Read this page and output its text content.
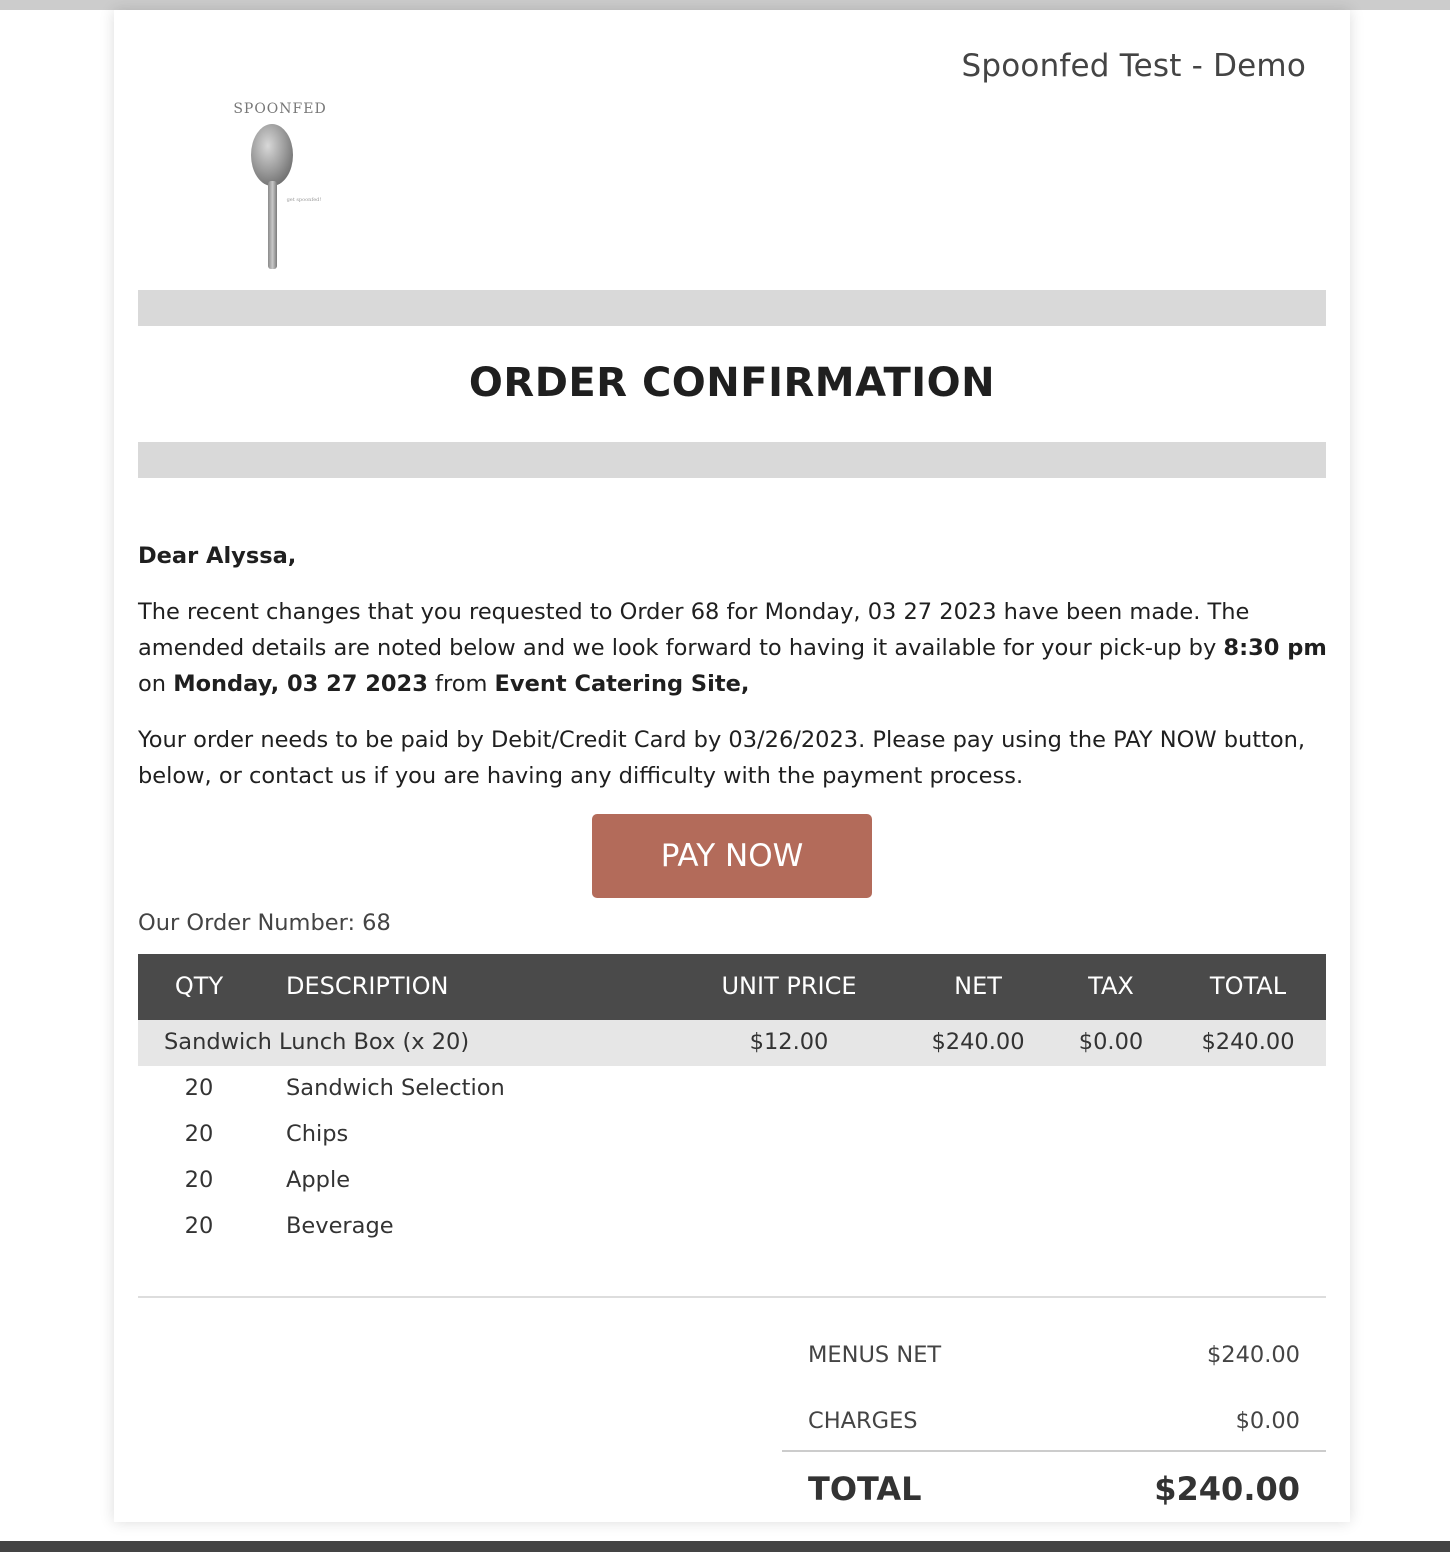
Spoonfed Test - Demo
SPOONFED
get spoonfed!
ORDER CONFIRMATION
Dear Alyssa,
The recent changes that you requested to Order 68 for Monday, 03 27 2023 have been made. The amended details are noted below and we look forward to having it available for your pick-up by 8:30 pm on Monday, 03 27 2023 from Event Catering Site,
Your order needs to be paid by Debit/Credit Card by 03/26/2023. Please pay using the PAY NOW button, below, or contact us if you are having any difficulty with the payment process.
PAY NOW
Our Order Number: 68
QTY	DESCRIPTION	UNIT PRICE	NET	TAX	TOTAL
Sandwich Lunch Box (x 20)	$12.00	$240.00	$0.00	$240.00
20	Sandwich Selection
20	Chips
20	Apple
20	Beverage
MENUS NET	$240.00
CHARGES	$0.00
TOTAL	$240.00
